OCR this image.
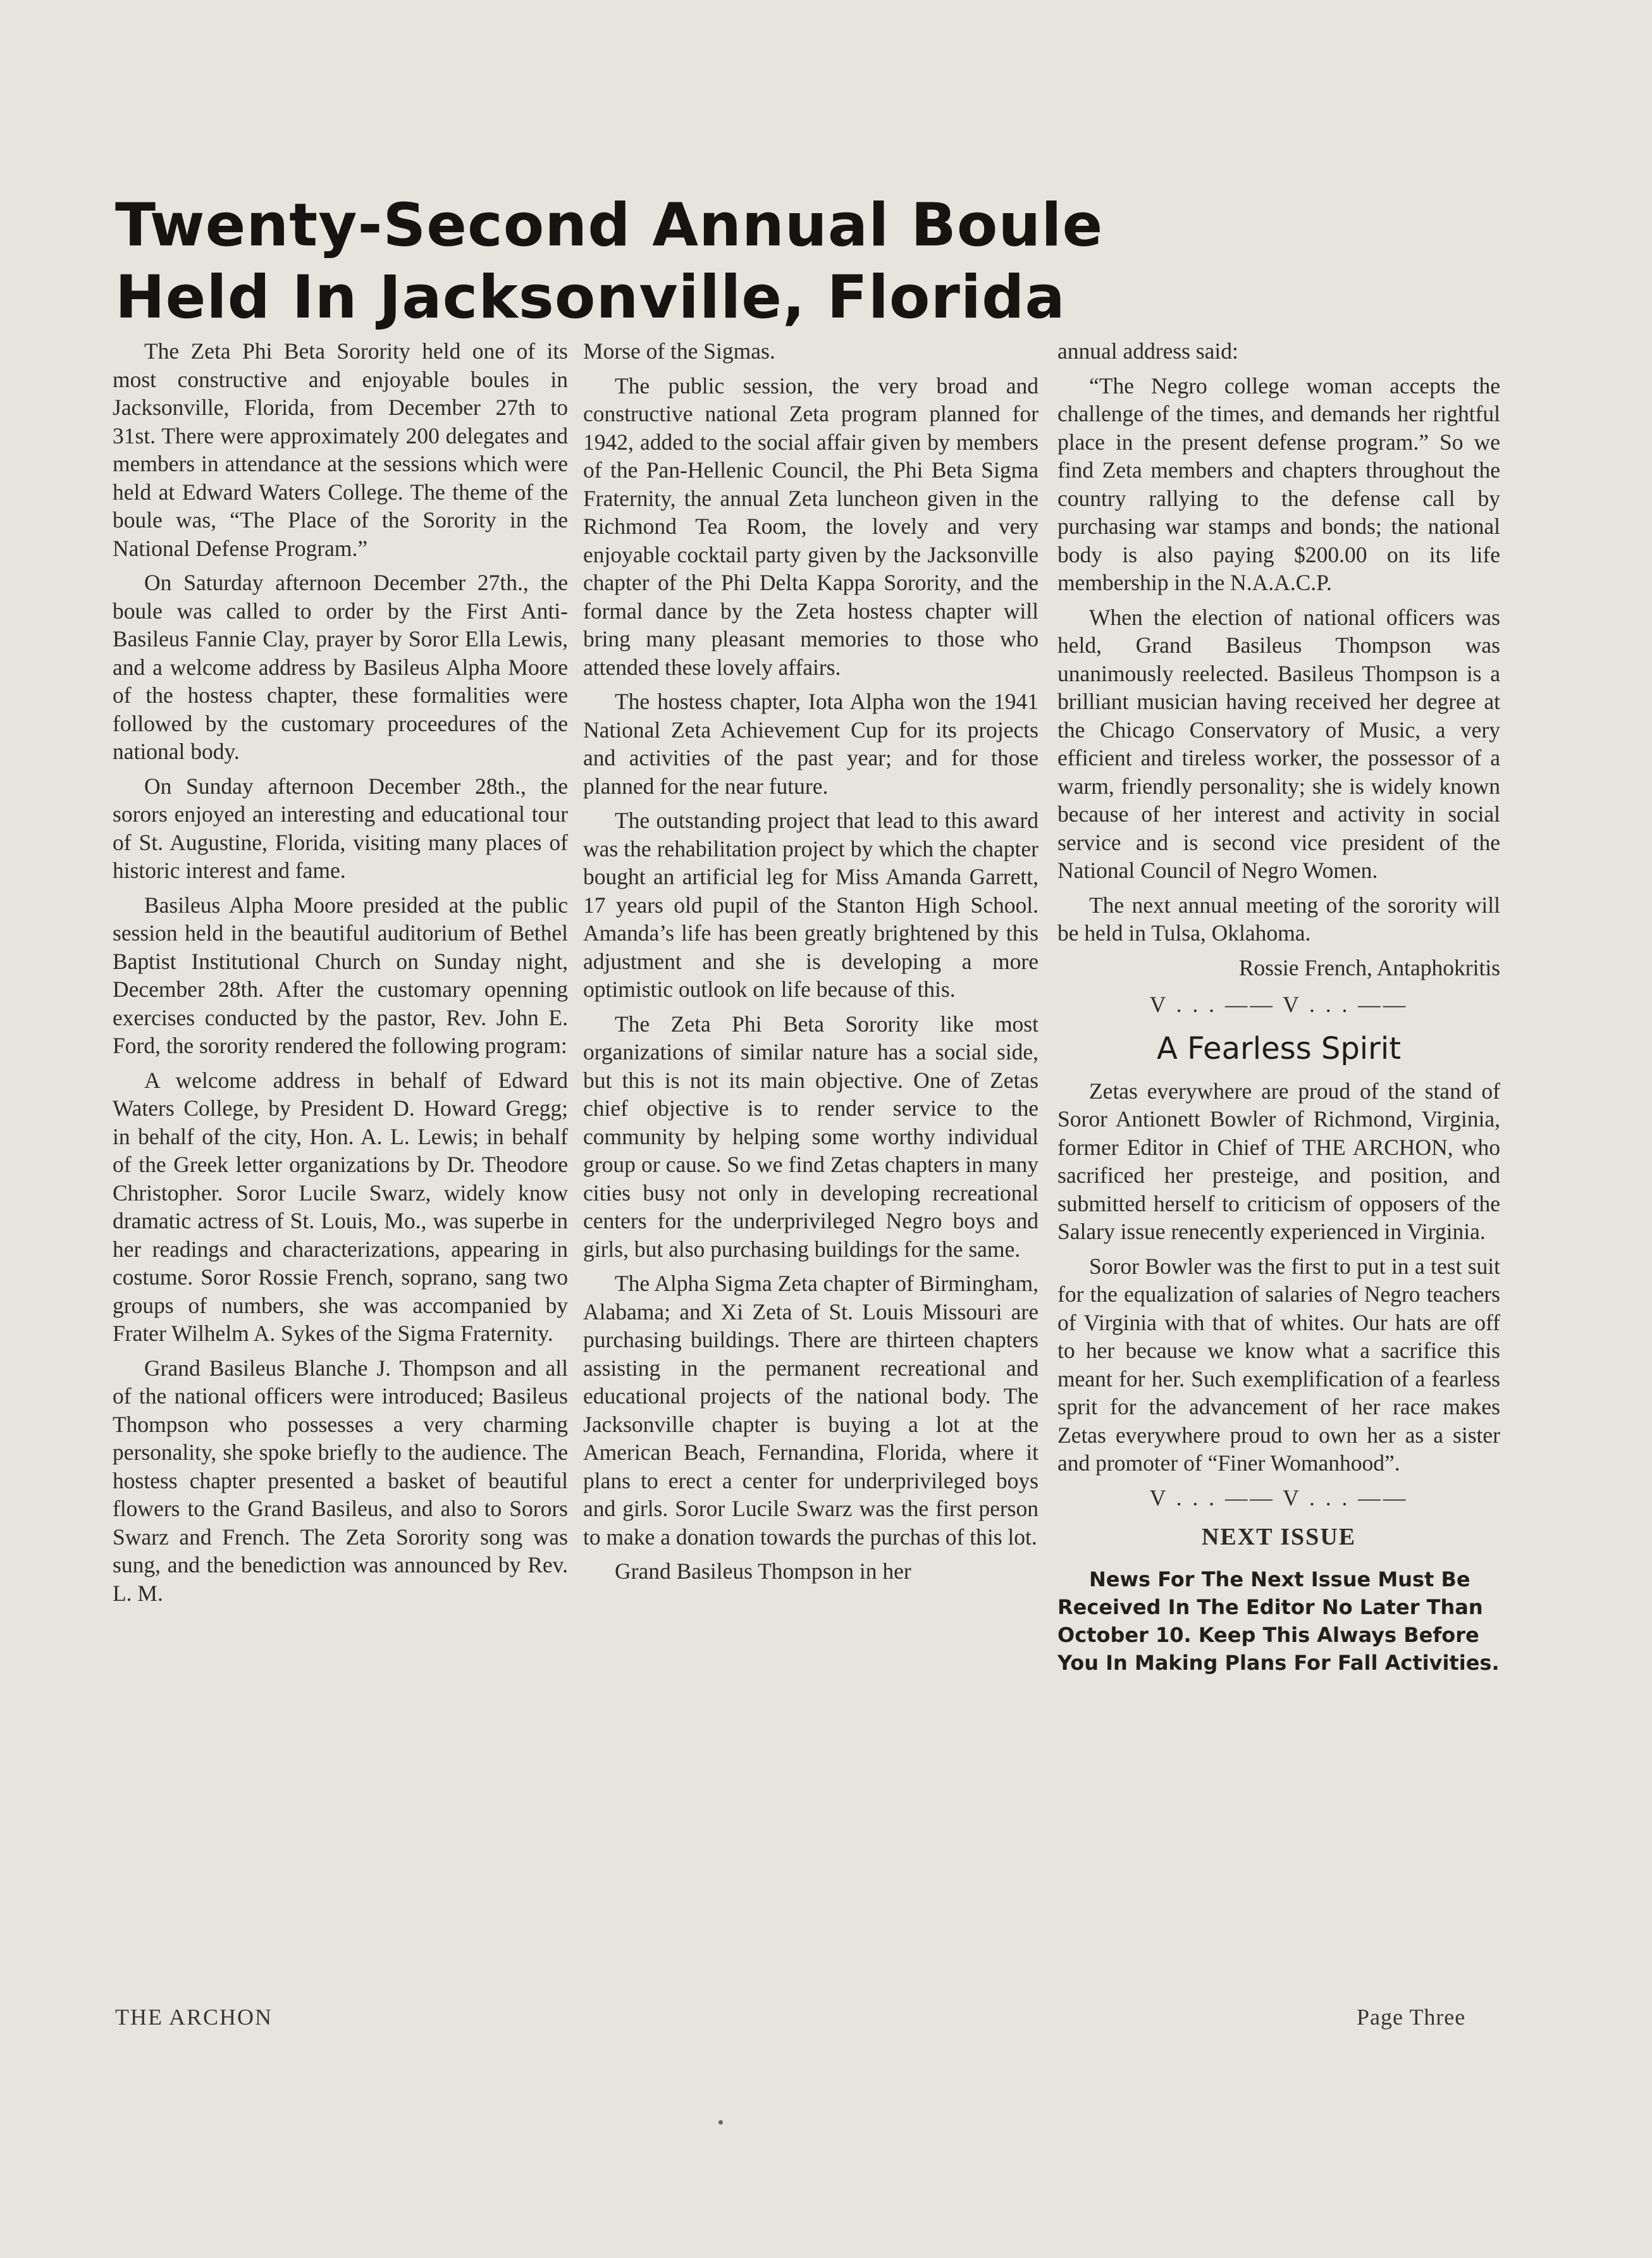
Twenty-Second Annual Boule
Held In Jacksonville, Florida

The Zeta Phi Beta Sorority held one of its most constructive and enjoyable boules in Jacksonville, Florida, from December 27th to 31st. There were approximately 200 delegates and members in attendance at the sessions which were held at Edward Waters College. The theme of the boule was, “The Place of the Sorority in the National Defense Program.”

On Saturday afternoon December 27th., the boule was called to order by the First Anti-Basileus Fannie Clay, prayer by Soror Ella Lewis, and a welcome address by Basileus Alpha Moore of the hostess chapter, these formalities were followed by the customary proceedures of the national body.

On Sunday afternoon December 28th., the sorors enjoyed an interesting and educational tour of St. Augustine, Florida, visiting many places of historic interest and fame.

Basileus Alpha Moore presided at the public session held in the beautiful auditorium of Bethel Baptist Institutional Church on Sunday night, December 28th. After the customary openning exercises conducted by the pastor, Rev. John E. Ford, the sorority rendered the following program:

A welcome address in behalf of Edward Waters College, by President D. Howard Gregg; in behalf of the city, Hon. A. L. Lewis; in behalf of the Greek letter organizations by Dr. Theodore Christopher. Soror Lucile Swarz, widely know dramatic actress of St. Louis, Mo., was superbe in her readings and characterizations, appearing in costume. Soror Rossie French, soprano, sang two groups of numbers, she was accompanied by Frater Wilhelm A. Sykes of the Sigma Fraternity.

Grand Basileus Blanche J. Thompson and all of the national officers were introduced; Basileus Thompson who possesses a very charming personality, she spoke briefly to the audience. The hostess chapter presented a basket of beautiful flowers to the Grand Basileus, and also to Sorors Swarz and French. The Zeta Sorority song was sung, and the benediction was announced by Rev. L. M.

Morse of the Sigmas.

The public session, the very broad and constructive national Zeta program planned for 1942, added to the social affair given by members of the Pan-Hellenic Council, the Phi Beta Sigma Fraternity, the annual Zeta luncheon given in the Richmond Tea Room, the lovely and very enjoyable cocktail party given by the Jacksonville chapter of the Phi Delta Kappa Sorority, and the formal dance by the Zeta hostess chapter will bring many pleasant memories to those who attended these lovely affairs.

The hostess chapter, Iota Alpha won the 1941 National Zeta Achievement Cup for its projects and activities of the past year; and for those planned for the near future.

The outstanding project that lead to this award was the rehabilitation project by which the chapter bought an artificial leg for Miss Amanda Garrett, 17 years old pupil of the Stanton High School. Amanda’s life has been greatly brightened by this adjustment and she is developing a more optimistic outlook on life because of this.

The Zeta Phi Beta Sorority like most organizations of similar nature has a social side, but this is not its main objective. One of Zetas chief objective is to render service to the community by helping some worthy individual group or cause. So we find Zetas chapters in many cities busy not only in developing recreational centers for the underprivileged Negro boys and girls, but also purchasing buildings for the same.

The Alpha Sigma Zeta chapter of Birmingham, Alabama; and Xi Zeta of St. Louis Missouri are purchasing buildings. There are thirteen chapters assisting in the permanent recreational and educational projects of the national body. The Jacksonville chapter is buying a lot at the American Beach, Fernandina, Florida, where it plans to erect a center for underprivileged boys and girls. Soror Lucile Swarz was the first person to make a donation towards the purchas of this lot.

Grand Basileus Thompson in her

annual address said:

“The Negro college woman accepts the challenge of the times, and demands her rightful place in the present defense program.” So we find Zeta members and chapters throughout the country rallying to the defense call by purchasing war stamps and bonds; the national body is also paying $200.00 on its life membership in the N.A.A.C.P.

When the election of national officers was held, Grand Basileus Thompson was unanimously reelected. Basileus Thompson is a brilliant musician having received her degree at the Chicago Conservatory of Music, a very efficient and tireless worker, the possessor of a warm, friendly personality; she is widely known because of her interest and activity in social service and is second vice president of the National Council of Negro Women.

The next annual meeting of the sorority will be held in Tulsa, Oklahoma.

Rossie French, Antaphokritis
V . . . —— V . . . ——
A Fearless Spirit

Zetas everywhere are proud of the stand of Soror Antionett Bowler of Richmond, Virginia, former Editor in Chief of THE ARCHON, who sacrificed her presteige, and position, and submitted herself to criticism of opposers of the Salary issue renecently experienced in Virginia.

Soror Bowler was the first to put in a test suit for the equalization of salaries of Negro teachers of Virginia with that of whites. Our hats are off to her because we know what a sacrifice this meant for her. Such exemplification of a fearless sprit for the advancement of her race makes Zetas everywhere proud to own her as a sister and promoter of “Finer Womanhood”.

V . . . —— V . . . ——
NEXT ISSUE

News For The Next Issue Must Be Received In The Editor No Later Than October 10. Keep This Always Before You In Making Plans For Fall Activities.

THE ARCHON	Page Three
